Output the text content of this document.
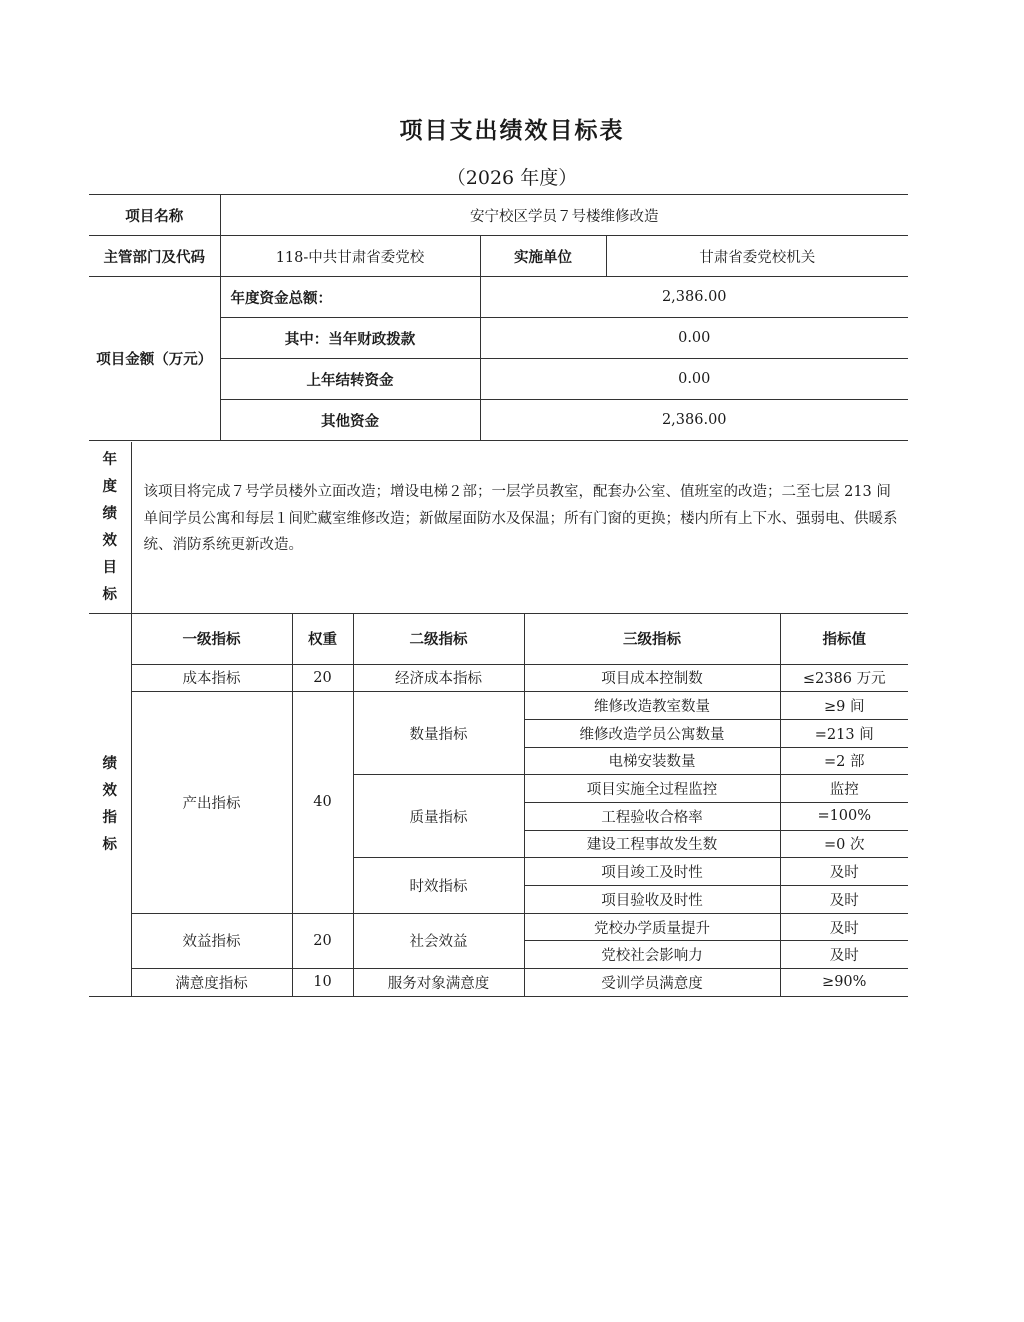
项目支出绩效目标表
（2026 年度）
项目名称	安宁校区学员７号楼维修改造		
主管部门及代码	118-中共甘肃省委党校	实施单位	甘肃省委党校机关
项目金额（万元）	年度资金总额：	2,386.00	
	其中：当年财政拨款	0.00	
	上年结转资金	0.00	
	其他资金	2,386.00	
年
度
绩
效
目
标
	该项目将完成７号学员楼外立面改造；增设电梯２部；一层学员教室，配套办公室、值班室的改造；二至七层 213 间单间学员公寓和每层１间贮藏室维修改造；新做屋面防水及保温；所有门窗的更换；楼内所有上下水、强弱电、供暖系统、消防系统更新改造。
绩
效
指
标	一级指标	权重	二级指标	三级指标	指标值
	成本指标	20	经济成本指标	项目成本控制数	≤2386 万元
	产出指标	40	数量指标	维修改造教室数量	≥9 间
				维修改造学员公寓数量	=213 间
				电梯安装数量	=2 部
			质量指标	项目实施全过程监控	监控
				工程验收合格率	=100%
				建设工程事故发生数	=0 次
			时效指标	项目竣工及时性	及时
				项目验收及时性	及时
	效益指标	20	社会效益	党校办学质量提升	及时
				党校社会影响力	及时
	满意度指标	10	服务对象满意度	受训学员满意度	≥90%
